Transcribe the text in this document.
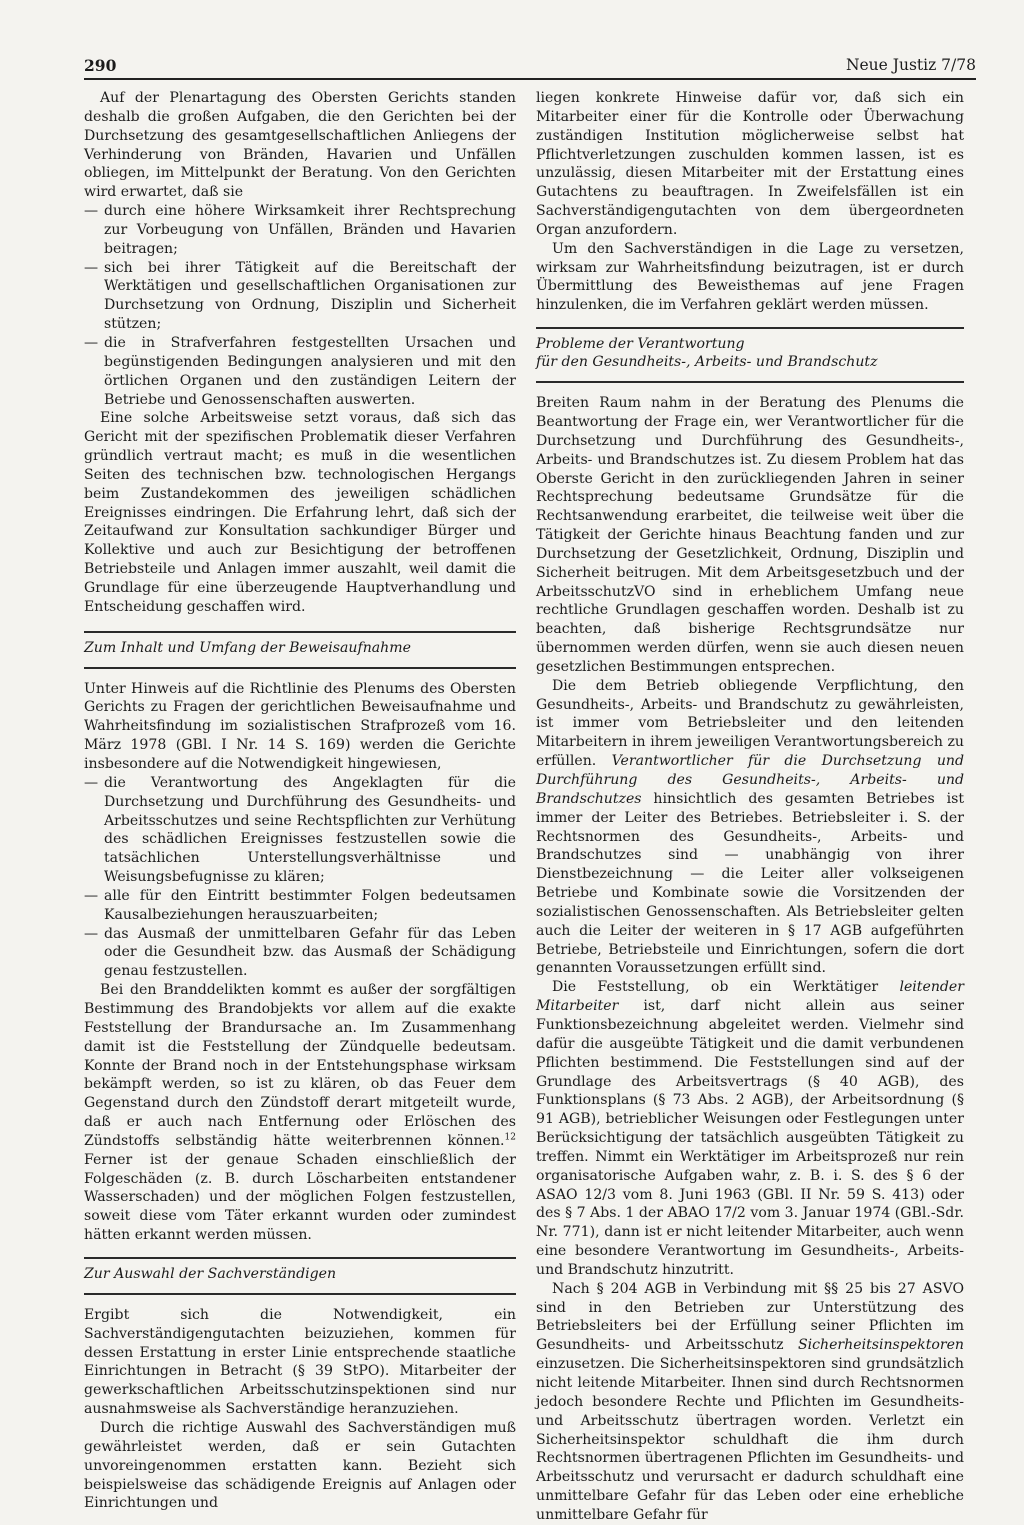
290	Neue Justiz 7/78

Auf der Plenartagung des Obersten Gerichts standen deshalb die großen Aufgaben, die den Gerichten bei der Durchsetzung des gesamtgesellschaftlichen Anliegens der Verhinderung von Bränden, Havarien und Unfällen obliegen, im Mittelpunkt der Beratung. Von den Gerichten wird erwartet, daß sie

— durch eine höhere Wirksamkeit ihrer Rechtsprechung zur Vorbeugung von Unfällen, Bränden und Havarien beitragen;
— sich bei ihrer Tätigkeit auf die Bereitschaft der Werktätigen und gesellschaftlichen Organisationen zur Durchsetzung von Ordnung, Disziplin und Sicherheit stützen;
— die in Strafverfahren festgestellten Ursachen und begünstigenden Bedingungen analysieren und mit den örtlichen Organen und den zuständigen Leitern der Betriebe und Genossenschaften auswerten.

Eine solche Arbeitsweise setzt voraus, daß sich das Gericht mit der spezifischen Problematik dieser Verfahren gründlich vertraut macht; es muß in die wesentlichen Seiten des technischen bzw. technologischen Hergangs beim Zustandekommen des jeweiligen schädlichen Ereignisses eindringen. Die Erfahrung lehrt, daß sich der Zeitaufwand zur Konsultation sachkundiger Bürger und Kollektive und auch zur Besichtigung der betroffenen Betriebsteile und Anlagen immer auszahlt, weil damit die Grundlage für eine überzeugende Hauptverhandlung und Entscheidung geschaffen wird.

Zum Inhalt und Umfang der Beweisaufnahme

Unter Hinweis auf die Richtlinie des Plenums des Obersten Gerichts zu Fragen der gerichtlichen Beweisaufnahme und Wahrheitsfindung im sozialistischen Strafprozeß vom 16. März 1978 (GBl. I Nr. 14 S. 169) werden die Gerichte insbesondere auf die Notwendigkeit hingewiesen,

— die Verantwortung des Angeklagten für die Durchsetzung und Durchführung des Gesundheits- und Arbeitsschutzes und seine Rechtspflichten zur Verhütung des schädlichen Ereignisses festzustellen sowie die tatsächlichen Unterstellungsverhältnisse und Weisungsbefugnisse zu klären;
— alle für den Eintritt bestimmter Folgen bedeutsamen Kausalbeziehungen herauszuarbeiten;
— das Ausmaß der unmittelbaren Gefahr für das Leben oder die Gesundheit bzw. das Ausmaß der Schädigung genau festzustellen.

Bei den Branddelikten kommt es außer der sorgfältigen Bestimmung des Brandobjekts vor allem auf die exakte Feststellung der Brandursache an. Im Zusammenhang damit ist die Feststellung der Zündquelle bedeutsam. Konnte der Brand noch in der Entstehungsphase wirksam bekämpft werden, so ist zu klären, ob das Feuer dem Gegenstand durch den Zündstoff derart mitgeteilt wurde, daß er auch nach Entfernung oder Erlöschen des Zündstoffs selbständig hätte weiterbrennen können.$^{12}$ Ferner ist der genaue Schaden einschließlich der Folgeschäden (z. B. durch Löscharbeiten entstandener Wasserschaden) und der möglichen Folgen festzustellen, soweit diese vom Täter erkannt wurden oder zumindest hätten erkannt werden müssen.

Zur Auswahl der Sachverständigen

Ergibt sich die Notwendigkeit, ein Sachverständigengutachten beizuziehen, kommen für dessen Erstattung in erster Linie entsprechende staatliche Einrichtungen in Betracht (§ 39 StPO). Mitarbeiter der gewerkschaftlichen Arbeitsschutzinspektionen sind nur ausnahmsweise als Sachverständige heranzuziehen.

Durch die richtige Auswahl des Sachverständigen muß gewährleistet werden, daß er sein Gutachten unvoreingenommen erstatten kann. Bezieht sich beispielsweise das schädigende Ereignis auf Anlagen oder Einrichtungen und

liegen konkrete Hinweise dafür vor, daß sich ein Mitarbeiter einer für die Kontrolle oder Überwachung zuständigen Institution möglicherweise selbst hat Pflichtverletzungen zuschulden kommen lassen, ist es unzulässig, diesen Mitarbeiter mit der Erstattung eines Gutachtens zu beauftragen. In Zweifelsfällen ist ein Sachverständigengutachten von dem übergeordneten Organ anzufordern.

Um den Sachverständigen in die Lage zu versetzen, wirksam zur Wahrheitsfindung beizutragen, ist er durch Übermittlung des Beweisthemas auf jene Fragen hinzulenken, die im Verfahren geklärt werden müssen.

Probleme der Verantwortung
für den Gesundheits-, Arbeits- und Brandschutz

Breiten Raum nahm in der Beratung des Plenums die Beantwortung der Frage ein, wer Verantwortlicher für die Durchsetzung und Durchführung des Gesundheits-, Arbeits- und Brandschutzes ist. Zu diesem Problem hat das Oberste Gericht in den zurückliegenden Jahren in seiner Rechtsprechung bedeutsame Grundsätze für die Rechtsanwendung erarbeitet, die teilweise weit über die Tätigkeit der Gerichte hinaus Beachtung fanden und zur Durchsetzung der Gesetzlichkeit, Ordnung, Disziplin und Sicherheit beitrugen. Mit dem Arbeitsgesetzbuch und der ArbeitsschutzVO sind in erheblichem Umfang neue rechtliche Grundlagen geschaffen worden. Deshalb ist zu beachten, daß bisherige Rechtsgrundsätze nur übernommen werden dürfen, wenn sie auch diesen neuen gesetzlichen Bestimmungen entsprechen.

Die dem Betrieb obliegende Verpflichtung, den Gesundheits-, Arbeits- und Brandschutz zu gewährleisten, ist immer vom Betriebsleiter und den leitenden Mitarbeitern in ihrem jeweiligen Verantwortungsbereich zu erfüllen. Verantwortlicher für die Durchsetzung und Durchführung des Gesundheits-, Arbeits- und Brandschutzes hinsichtlich des gesamten Betriebes ist immer der Leiter des Betriebes. Betriebsleiter i. S. der Rechtsnormen des Gesundheits-, Arbeits- und Brandschutzes sind — unabhängig von ihrer Dienstbezeichnung — die Leiter aller volkseigenen Betriebe und Kombinate sowie die Vorsitzenden der sozialistischen Genossenschaften. Als Betriebsleiter gelten auch die Leiter der weiteren in § 17 AGB aufgeführten Betriebe, Betriebsteile und Einrichtungen, sofern die dort genannten Voraussetzungen erfüllt sind.

Die Feststellung, ob ein Werktätiger leitender Mitarbeiter ist, darf nicht allein aus seiner Funktionsbezeichnung abgeleitet werden. Vielmehr sind dafür die ausgeübte Tätigkeit und die damit verbundenen Pflichten bestimmend. Die Feststellungen sind auf der Grundlage des Arbeitsvertrags (§ 40 AGB), des Funktionsplans (§ 73 Abs. 2 AGB), der Arbeitsordnung (§ 91 AGB), betrieblicher Weisungen oder Festlegungen unter Berücksichtigung der tatsächlich ausgeübten Tätigkeit zu treffen. Nimmt ein Werktätiger im Arbeitsprozeß nur rein organisatorische Aufgaben wahr, z. B. i. S. des § 6 der ASAO 12/3 vom 8. Juni 1963 (GBl. II Nr. 59 S. 413) oder des § 7 Abs. 1 der ABAO 17/2 vom 3. Januar 1974 (GBl.-Sdr. Nr. 771), dann ist er nicht leitender Mitarbeiter, auch wenn eine besondere Verantwortung im Gesundheits-, Arbeits- und Brandschutz hinzutritt.

Nach § 204 AGB in Verbindung mit §§ 25 bis 27 ASVO sind in den Betrieben zur Unterstützung des Betriebsleiters bei der Erfüllung seiner Pflichten im Gesundheits- und Arbeitsschutz Sicherheitsinspektoren einzusetzen. Die Sicherheitsinspektoren sind grundsätzlich nicht leitende Mitarbeiter. Ihnen sind durch Rechtsnormen jedoch besondere Rechte und Pflichten im Gesundheits- und Arbeitsschutz übertragen worden. Verletzt ein Sicherheitsinspektor schuldhaft die ihm durch Rechtsnormen übertragenen Pflichten im Gesundheits- und Arbeitsschutz und verursacht er dadurch schuldhaft eine unmittelbare Gefahr für das Leben oder eine erhebliche unmittelbare Gefahr für
